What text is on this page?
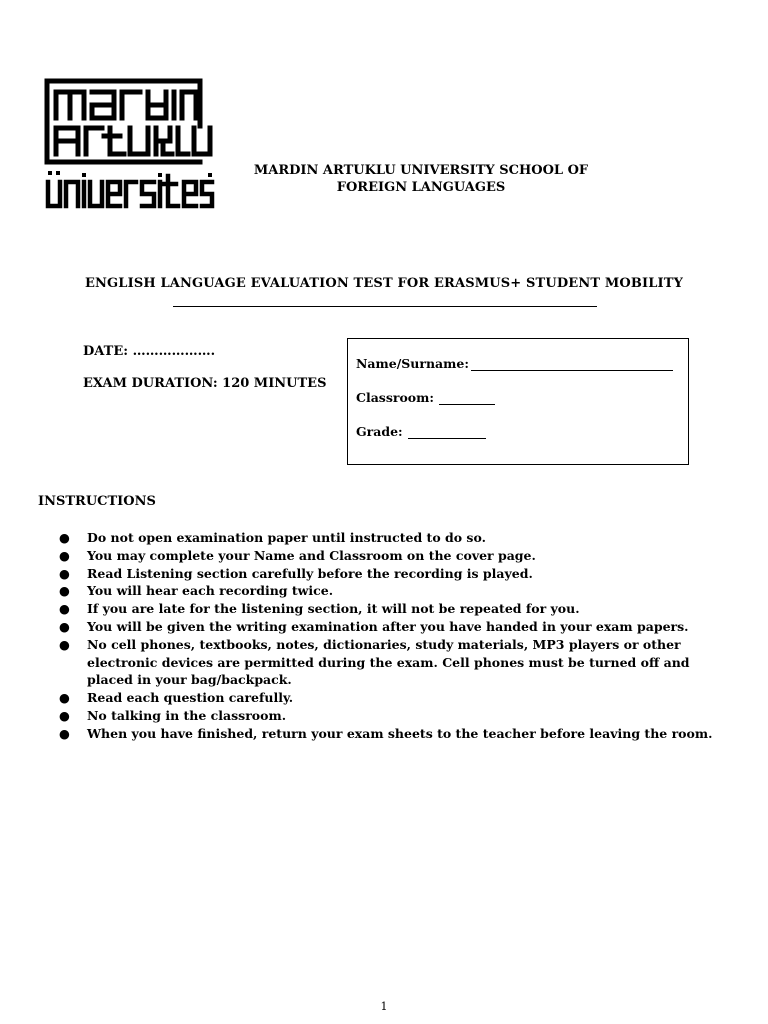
MARDIN ARTUKLU UNIVERSITY SCHOOL OF
FOREIGN LANGUAGES
ENGLISH LANGUAGE EVALUATION TEST FOR ERASMUS+ STUDENT MOBILITY
DATE: ……………….
EXAM DURATION: 120 MINUTES
Name/Surname:
Classroom:
Grade:
INSTRUCTIONS
● Do not open examination paper until instructed to do so.
● You may complete your Name and Classroom on the cover page.
● Read Listening section carefully before the recording is played.
● You will hear each recording twice.
● If you are late for the listening section, it will not be repeated for you.
● You will be given the writing examination after you have handed in your exam papers.
● No cell phones, textbooks, notes, dictionaries, study materials, MP3 players or other electronic devices are permitted during the exam. Cell phones must be turned off and placed in your bag/backpack.
● Read each question carefully.
● No talking in the classroom.
● When you have finished, return your exam sheets to the teacher before leaving the room.
1
